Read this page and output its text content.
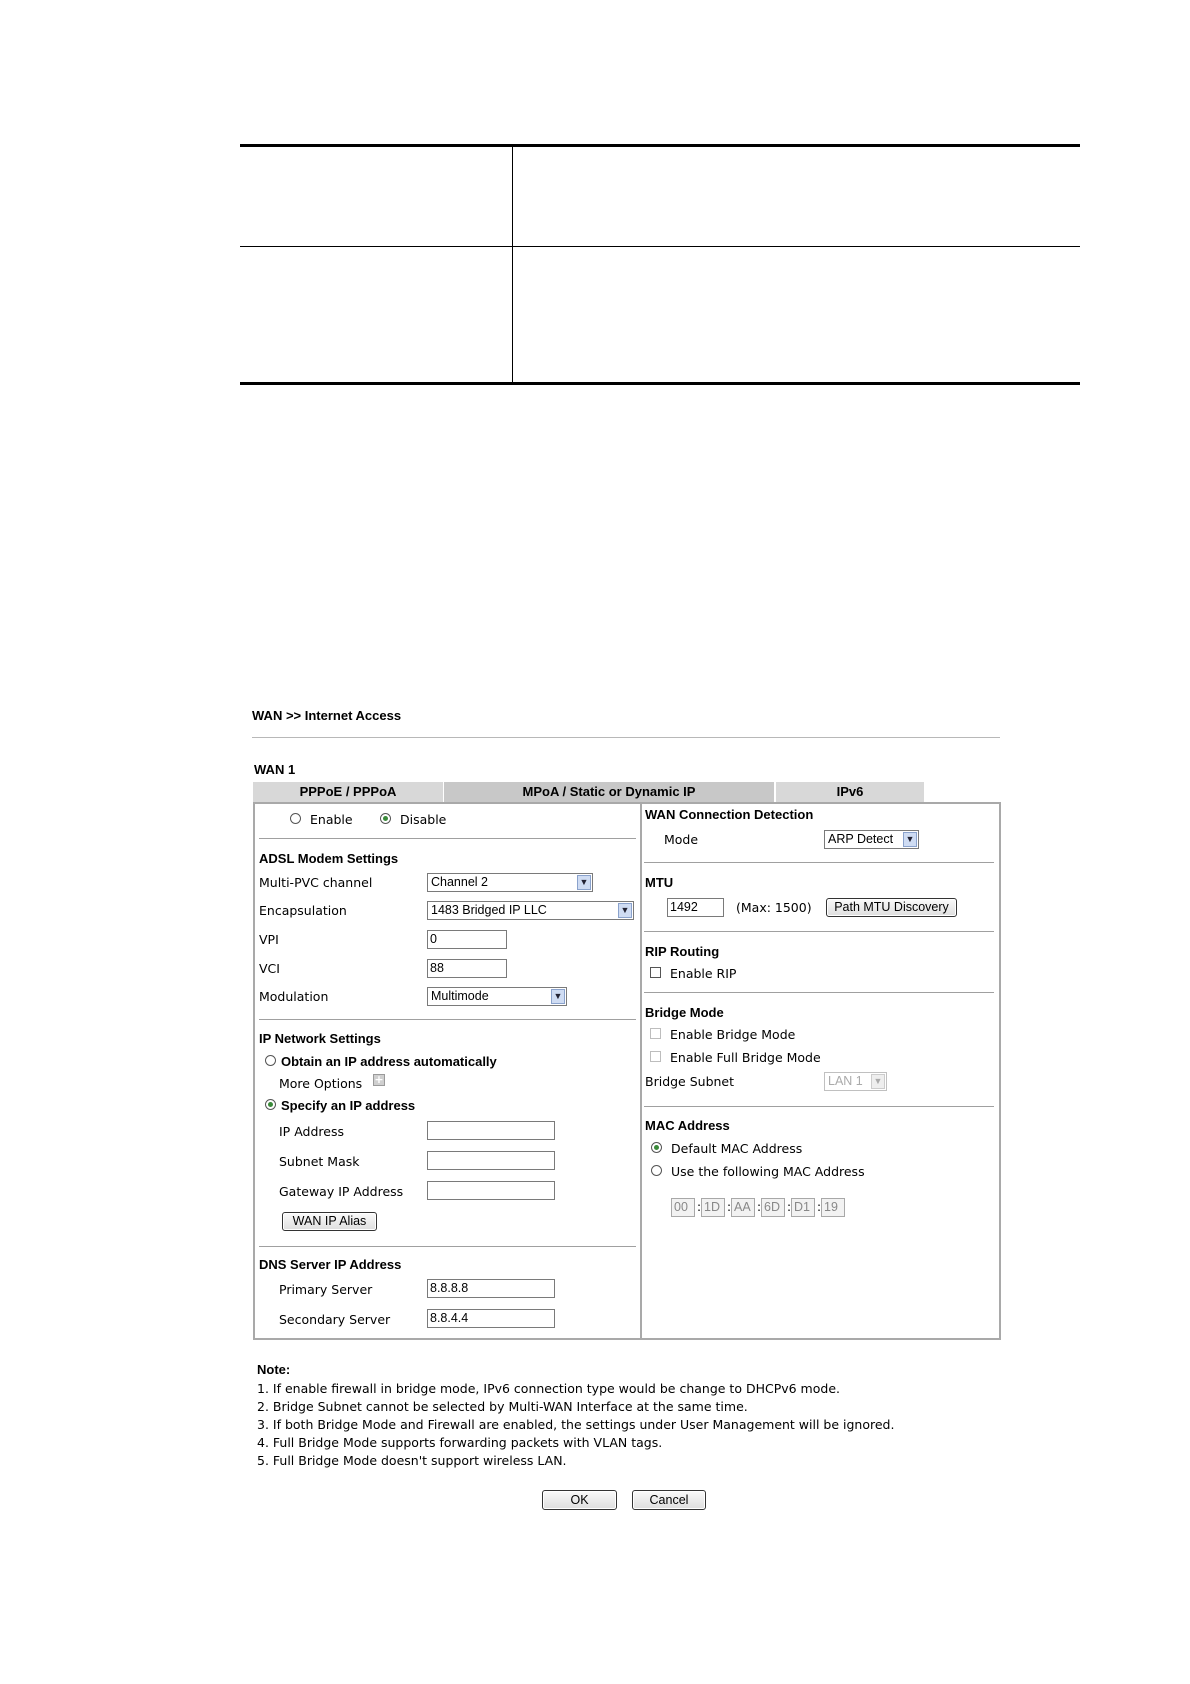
WAN >> Internet Access
WAN 1
PPPoE / PPPoA	MPoA / Static or Dynamic IP	IPv6
Enable	Disable
ADSL Modem Settings
Multi-PVC channel	Channel 2	▼
Encapsulation	1483 Bridged IP LLC	▼
VPI	0
VCI	88
Modulation	Multimode	▼
IP Network Settings
Obtain an IP address automatically
More Options +
Specify an IP address
IP Address
Subnet Mask
Gateway IP Address
WAN IP Alias
DNS Server IP Address
Primary Server	8.8.8.8
Secondary Server	8.8.4.4
WAN Connection Detection
Mode	ARP Detect ▼
MTU
1492	(Max: 1500)	Path MTU Discovery
RIP Routing
Enable RIP
Bridge Mode
Enable Bridge Mode
Enable Full Bridge Mode
Bridge Subnet	LAN 1 ▼
MAC Address
Default MAC Address
Use the following MAC Address
00 : 1D : AA : 6D : D1 : 19
Note:
1. If enable firewall in bridge mode, IPv6 connection type would be change to DHCPv6 mode.
2. Bridge Subnet cannot be selected by Multi-WAN Interface at the same time.
3. If both Bridge Mode and Firewall are enabled, the settings under User Management will be ignored.
4. Full Bridge Mode supports forwarding packets with VLAN tags.
5. Full Bridge Mode doesn't support wireless LAN.
OK	Cancel
